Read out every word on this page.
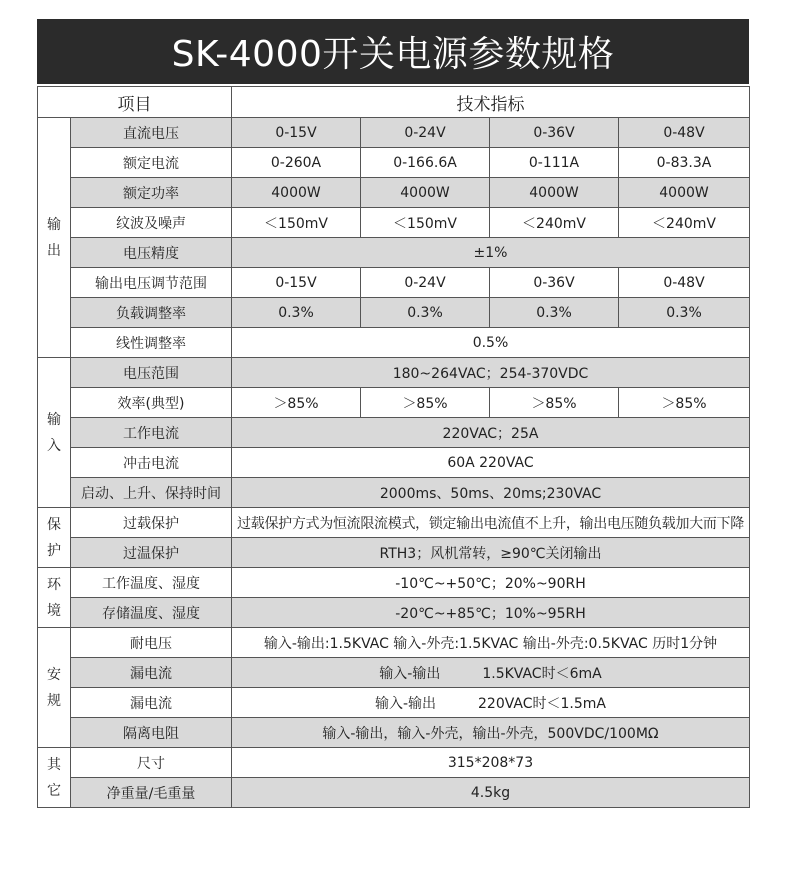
SK-4000开关电源参数规格
项目		技术指标			

输
出	直流电压	0-15V	0-24V	0-36V	0-48V
	额定电流	0-260A	0-166.6A	0-111A	0-83.3A
	额定功率	4000W	4000W	4000W	4000W
	纹波及噪声	＜150mV	＜150mV	＜240mV	＜240mV
	电压精度	±1%			
	输出电压调节范围	0-15V	0-24V	0-36V	0-48V
	负载调整率	0.3%	0.3%	0.3%	0.3%
	线性调整率	0.5%			

输
入	电压范围	180~264VAC；254-370VDC			
	效率(典型)	＞85%	＞85%	＞85%	＞85%
	工作电流	220VAC；25A			
	冲击电流	60A 220VAC			
	启动、上升、保持时间	2000ms、50ms、20ms;230VAC			

保
护	过载保护	过载保护方式为恒流限流模式，锁定输出电流值不上升，输出电压随负载加大而下降			
	过温保护	RTH3；风机常转，≥90℃关闭输出			

环
境	工作温度、湿度	-10℃~+50℃；20%~90RH			
	存储温度、湿度	-20℃~+85℃；10%~95RH			

安
规	耐电压	输入-输出:1.5KVAC 输入-外壳:1.5KVAC 输出-外壳:0.5KVAC 历时1分钟			
	漏电流	输入-输出　　　1.5KVAC时＜6mA			
	漏电流	输入-输出　　　220VAC时＜1.5mA			
	隔离电阻	输入-输出，输入-外壳，输出-外壳，500VDC/100MΩ			

其
它	尺寸	315*208*73			
	净重量/毛重量	4.5kg			
